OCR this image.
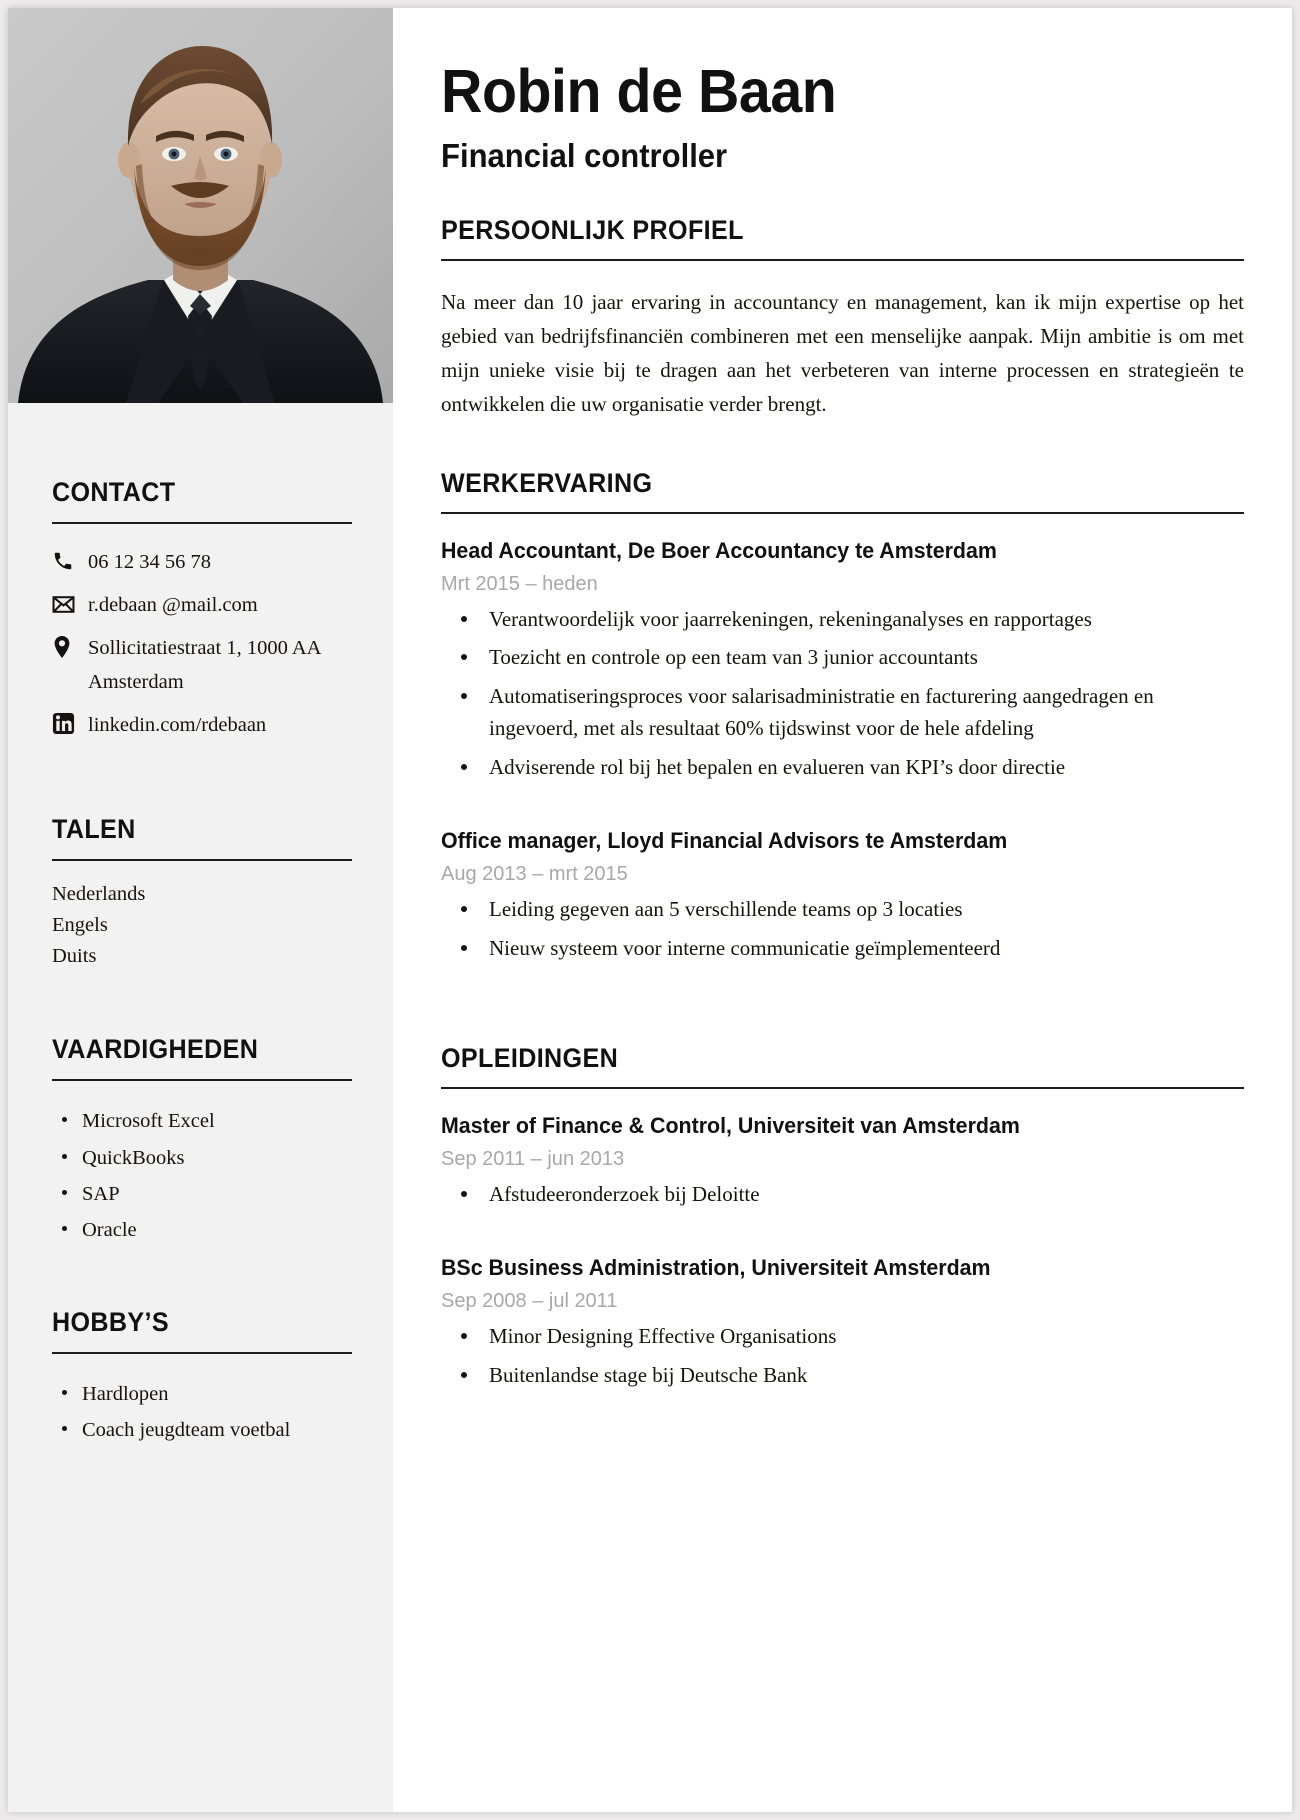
CONTACT
06 12 34 56 78
r.debaan @mail.com
Sollicitatiestraat 1, 1000 AA Amsterdam
linkedin.com/rdebaan
TALEN
Nederlands
Engels
Duits
VAARDIGHEDEN
Microsoft Excel
QuickBooks
SAP
Oracle
HOBBY’S
Hardlopen
Coach jeugdteam voetbal
Robin de Baan
Financial controller
PERSOONLIJK PROFIEL

Na meer dan 10 jaar ervaring in accountancy en management, kan ik mijn expertise op het gebied van bedrijfsfinanciën combineren met een menselijke aanpak. Mijn ambitie is om met mijn unieke visie bij te dragen aan het verbeteren van interne processen en strategieën te ontwikkelen die uw organisatie verder brengt.

WERKERVARING
Head Accountant, De Boer Accountancy te Amsterdam
Mrt 2015 – heden
Verantwoordelijk voor jaarrekeningen, rekeninganalyses en rapportages
Toezicht en controle op een team van 3 junior accountants
Automatiseringsproces voor salarisadministratie en facturering aangedragen en ingevoerd, met als resultaat 60% tijdswinst voor de hele afdeling
Adviserende rol bij het bepalen en evalueren van KPI’s door directie
Office manager, Lloyd Financial Advisors te Amsterdam
Aug 2013 – mrt 2015
Leiding gegeven aan 5 verschillende teams op 3 locaties
Nieuw systeem voor interne communicatie geïmplementeerd
OPLEIDINGEN
Master of Finance & Control, Universiteit van Amsterdam
Sep 2011 – jun 2013
Afstudeeronderzoek bij Deloitte
BSc Business Administration, Universiteit Amsterdam
Sep 2008 – jul 2011
Minor Designing Effective Organisations
Buitenlandse stage bij Deutsche Bank
